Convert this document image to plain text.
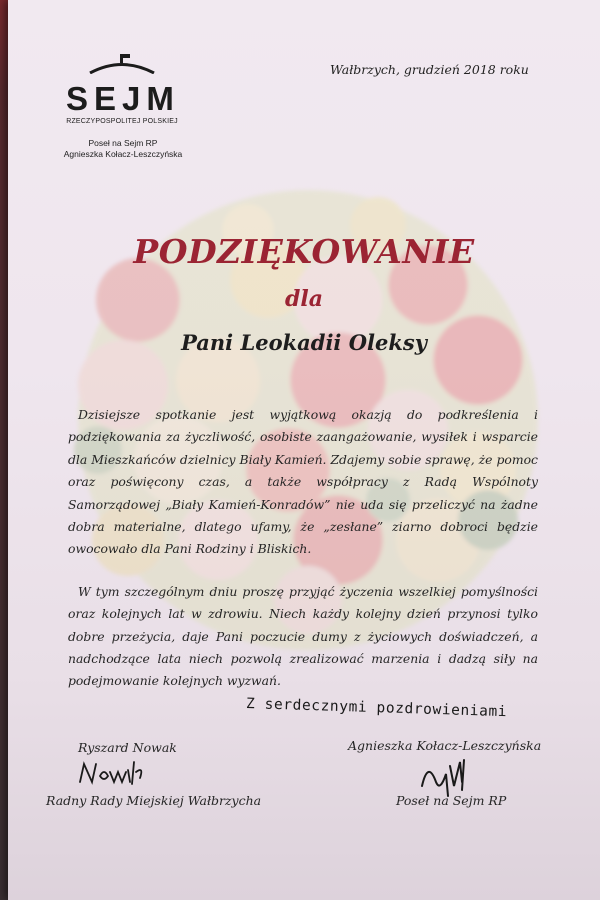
SEJM
RZECZYPOSPOLITEJ POLSKIEJ
Poseł na Sejm RP
Agnieszka Kołacz-Leszczyńska
Wałbrzych, grudzień 2018 roku
PODZIĘKOWANIE
dla
Pani Leokadii Oleksy

Dzisiejsze spotkanie jest wyjątkową okazją do podkreślenia i podziękowania za życzliwość, osobiste zaangażowanie, wysiłek i wsparcie dla Mieszkańców dzielnicy Biały Kamień. Zdajemy sobie sprawę, że pomoc oraz poświęcony czas, a także współpracy z Radą Wspólnoty Samorządowej „Biały Kamień-Konradów” nie uda się przeliczyć na żadne dobra materialne, dlatego ufamy, że „zesłane” ziarno dobroci będzie owocowało dla Pani Rodziny i Bliskich.

W tym szczególnym dniu proszę przyjąć życzenia wszelkiej pomyślności oraz kolejnych lat w zdrowiu. Niech każdy kolejny dzień przynosi tylko dobre przeżycia, daje Pani poczucie dumy z życiowych doświadczeń, a nadchodzące lata niech pozwolą zrealizować marzenia i dadzą siły na podejmowanie kolejnych wyzwań.

Z serdecznymi pozdrowieniami
Ryszard Nowak
Radny Rady Miejskiej Wałbrzycha
Agnieszka Kołacz-Leszczyńska
Poseł na Sejm RP
